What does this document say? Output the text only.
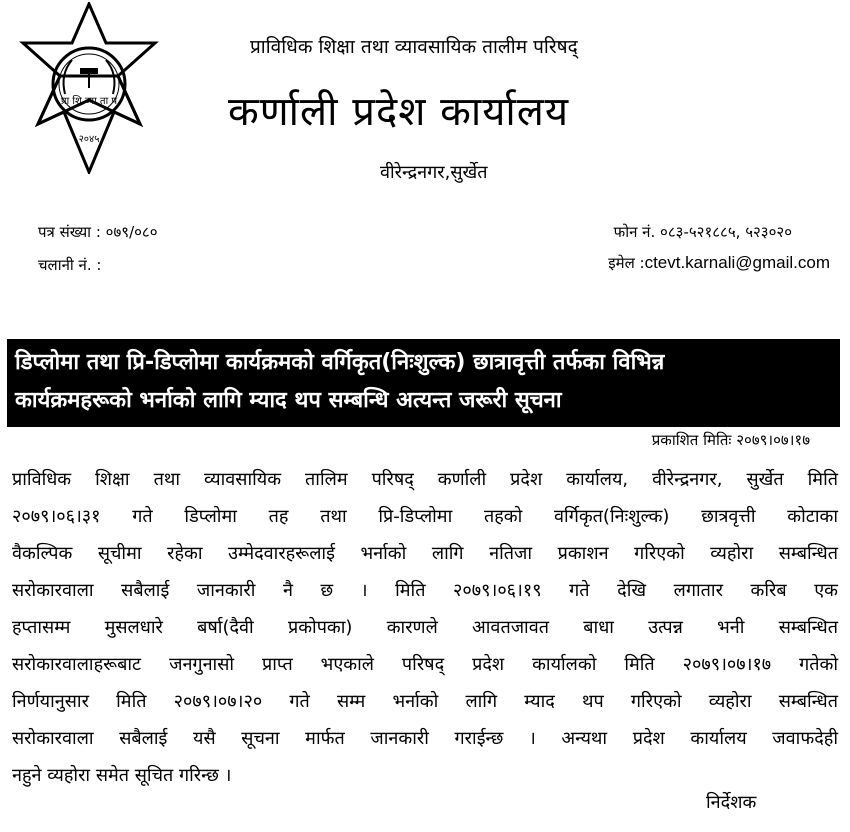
प्रा शि व्या ता प
२०४५
प्राविधिक शिक्षा तथा व्यावसायिक तालीम परिषद्
कर्णाली प्रदेश कार्यालय
वीरेन्द्रनगर,सुर्खेत
पत्र संख्या : ०७९/०८०
चलानी नं. :
फोन नं. ०८३-५२१८८५, ५२३०२०
इमेल :ctevt.karnali@gmail.com
डिप्लोमा तथा प्रि-डिप्लोमा कार्यक्रमको वर्गिकृत(निःशुल्क) छात्रावृत्ती तर्फका विभिन्न
कार्यक्रमहरूको भर्नाको लागि म्याद थप सम्बन्धि अत्यन्त जरूरी सूचना
प्रकाशित मितिः २०७९।०७।१७
प्राविधिक शिक्षा तथा व्यावसायिक तालिम परिषद् कर्णाली प्रदेश कार्यालय, वीरेन्द्रनगर, सुर्खेत मिति
२०७९।०६।३१ गते डिप्लोमा तह तथा प्रि-डिप्लोमा तहको वर्गिकृत(निःशुल्क) छात्रवृत्ती कोटाका
वैकल्पिक सूचीमा रहेका उम्मेदवारहरूलाई भर्नाको लागि नतिजा प्रकाशन गरिएको व्यहोरा सम्बन्धित
सरोकारवाला सबैलाई जानकारी नै छ । मिति २०७९।०६।१९ गते देखि लगातार करिब एक
हप्तासम्म मुसलधारे बर्षा(दैवी प्रकोपका) कारणले आवतजावत बाधा उत्पन्न भनी सम्बन्धित
सरोकारवालाहरूबाट जनगुनासो प्राप्त भएकाले परिषद् प्रदेश कार्यालको मिति २०७९।०७।१७ गतेको
निर्णयानुसार मिति २०७९।०७।२० गते सम्म भर्नाको लागि म्याद थप गरिएको व्यहोरा सम्बन्धित
सरोकारवाला सबैलाई यसै सूचना मार्फत जानकारी गराईन्छ । अन्यथा प्रदेश कार्यालय जवाफदेही
नहुने व्यहोरा समेत सूचित गरिन्छ ।
निर्देशक
